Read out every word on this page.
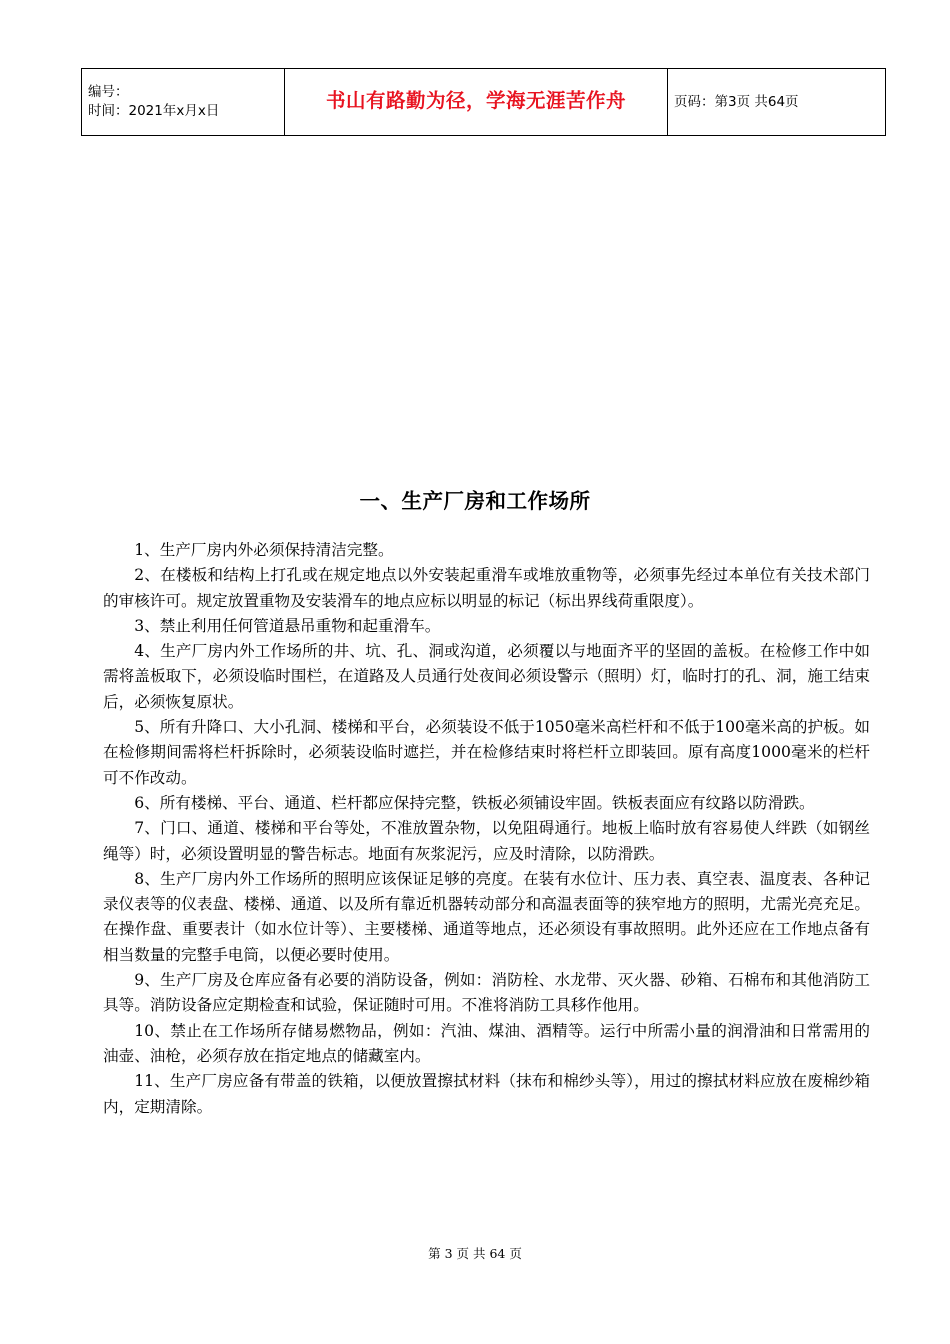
编号：
时间：2021年x月x日	书山有路勤为径，学海无涯苦作舟	页码：第3页 共64页
一、生产厂房和工作场所

1、生产厂房内外必须保持清洁完整。

2、在楼板和结构上打孔或在规定地点以外安装起重滑车或堆放重物等，必须事先经过本单位有关技术部门的审核许可。规定放置重物及安装滑车的地点应标以明显的标记（标出界线荷重限度）。

3、禁止利用任何管道悬吊重物和起重滑车。

4、生产厂房内外工作场所的井、坑、孔、洞或沟道，必须覆以与地面齐平的坚固的盖板。在检修工作中如需将盖板取下，必须设临时围栏，在道路及人员通行处夜间必须设警示（照明）灯，临时打的孔、洞，施工结束后，必须恢复原状。

5、所有升降口、大小孔洞、楼梯和平台，必须装设不低于1050毫米高栏杆和不低于100毫米高的护板。如在检修期间需将栏杆拆除时，必须装设临时遮拦，并在检修结束时将栏杆立即装回。原有高度1000毫米的栏杆可不作改动。

6、所有楼梯、平台、通道、栏杆都应保持完整，铁板必须铺设牢固。铁板表面应有纹路以防滑跌。

7、门口、通道、楼梯和平台等处，不准放置杂物，以免阻碍通行。地板上临时放有容易使人绊跌（如钢丝绳等）时，必须设置明显的警告标志。地面有灰浆泥污，应及时清除，以防滑跌。

8、生产厂房内外工作场所的照明应该保证足够的亮度。在装有水位计、压力表、真空表、温度表、各种记录仪表等的仪表盘、楼梯、通道、以及所有靠近机器转动部分和高温表面等的狭窄地方的照明，尤需光亮充足。在操作盘、重要表计（如水位计等）、主要楼梯、通道等地点，还必须设有事故照明。此外还应在工作地点备有相当数量的完整手电筒，以便必要时使用。

9、生产厂房及仓库应备有必要的消防设备，例如：消防栓、水龙带、灭火器、砂箱、石棉布和其他消防工具等。消防设备应定期检查和试验，保证随时可用。不准将消防工具移作他用。

10、禁止在工作场所存储易燃物品，例如：汽油、煤油、酒精等。运行中所需小量的润滑油和日常需用的油壶、油枪，必须存放在指定地点的储藏室内。

11、生产厂房应备有带盖的铁箱，以便放置擦拭材料（抹布和棉纱头等），用过的擦拭材料应放在废棉纱箱内，定期清除。

第 3 页 共 64 页
